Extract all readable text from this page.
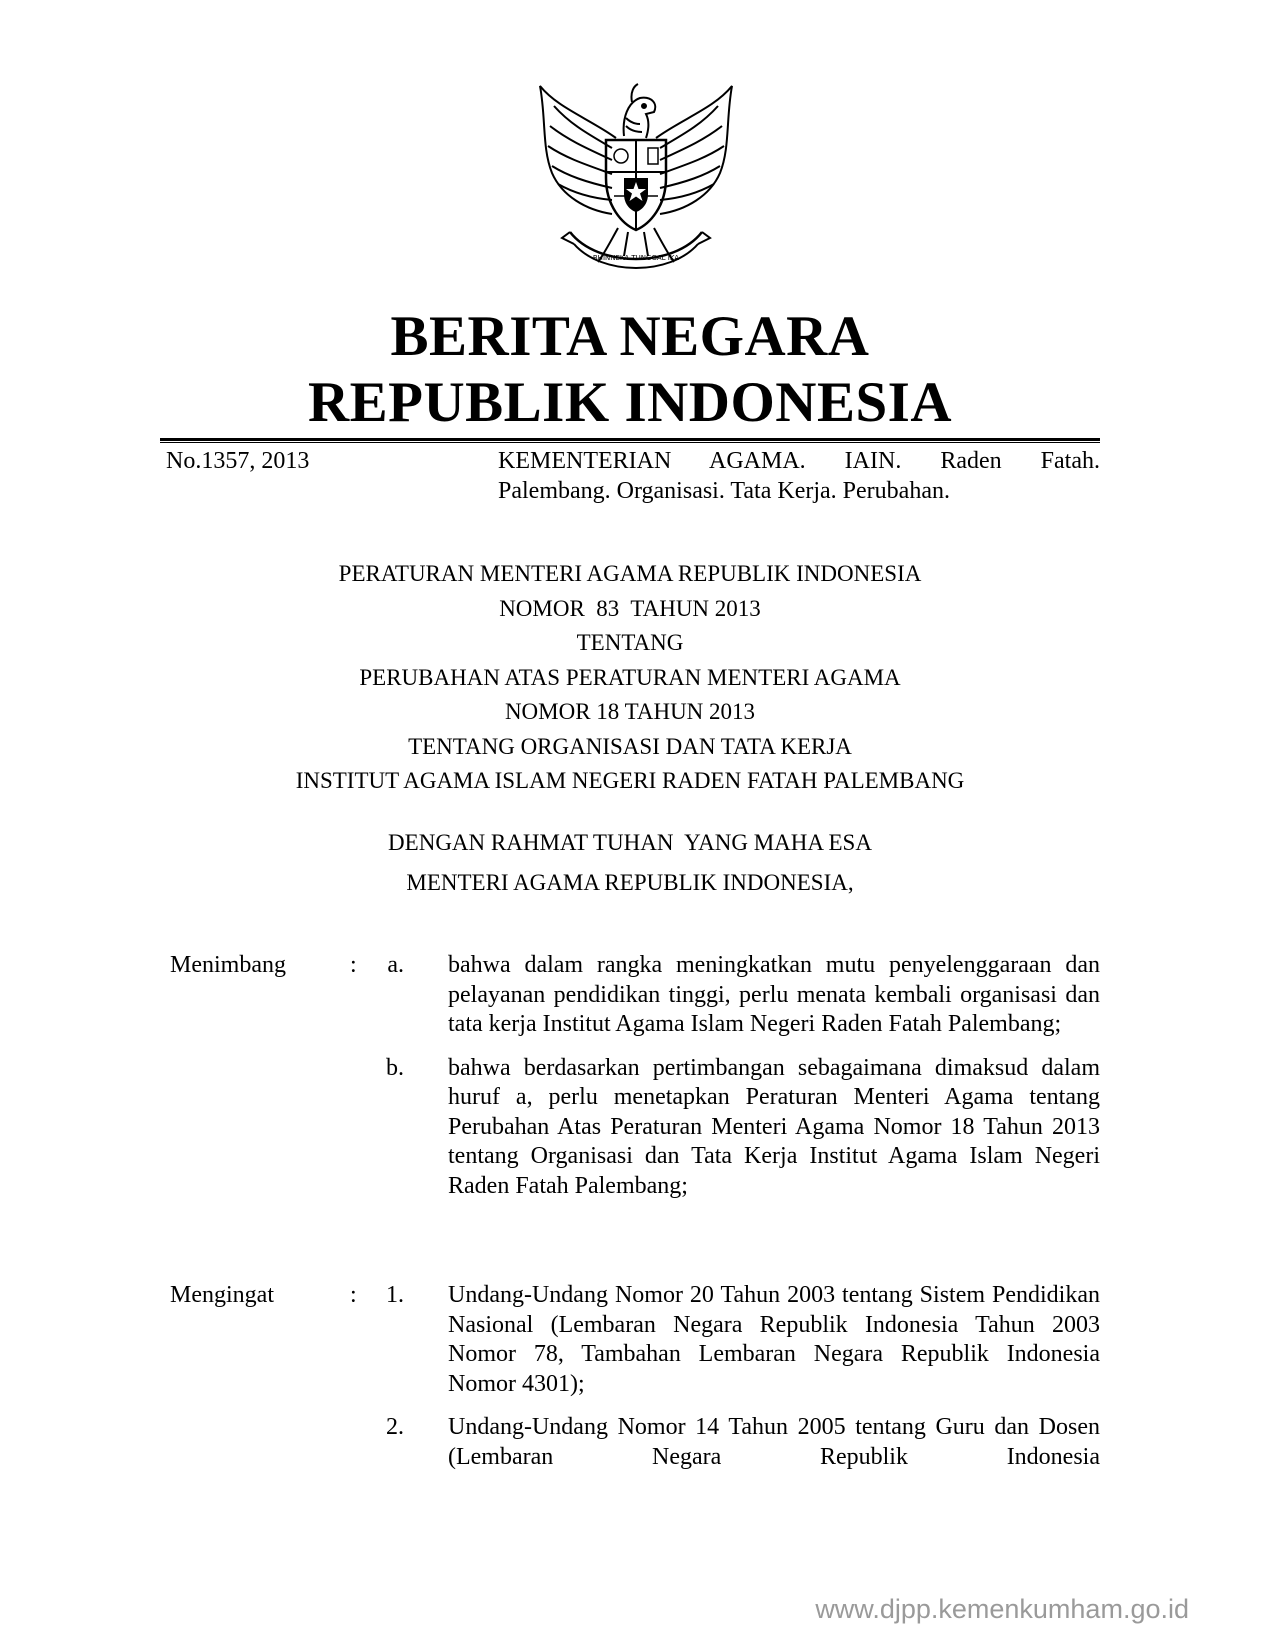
BHINNEKA TUNGGAL IKA
BERITA NEGARA
REPUBLIK INDONESIA
No.1357, 2013	KEMENTERIAN AGAMA. IAIN. Raden Fatah.
Palembang. Organisasi. Tata Kerja. Perubahan.
PERATURAN MENTERI AGAMA REPUBLIK INDONESIA
NOMOR  83  TAHUN 2013
TENTANG
PERUBAHAN ATAS PERATURAN MENTERI AGAMA
NOMOR 18 TAHUN 2013
TENTANG ORGANISASI DAN TATA KERJA
INSTITUT AGAMA ISLAM NEGERI RADEN FATAH PALEMBANG
DENGAN RAHMAT TUHAN  YANG MAHA ESA
MENTERI AGAMA REPUBLIK INDONESIA,
Menimbang	:	a. bahwa dalam rangka meningkatkan mutu penyelenggaraan dan pelayanan pendidikan tinggi, perlu menata kembali organisasi dan tata kerja Institut Agama Islam Negeri Raden Fatah Palembang;
b. bahwa berdasarkan pertimbangan sebagaimana dimaksud dalam huruf a, perlu menetapkan Peraturan Menteri Agama tentang Perubahan Atas Peraturan Menteri Agama Nomor 18 Tahun 2013 tentang Organisasi dan Tata Kerja Institut Agama Islam Negeri Raden Fatah Palembang;
Mengingat	:	1. Undang-Undang Nomor 20 Tahun 2003 tentang Sistem Pendidikan Nasional (Lembaran Negara Republik Indonesia Tahun 2003 Nomor 78, Tambahan Lembaran Negara Republik Indonesia Nomor 4301);
2. Undang-Undang Nomor 14 Tahun 2005 tentang Guru dan Dosen (Lembaran Negara Republik Indonesia
www.djpp.kemenkumham.go.id
